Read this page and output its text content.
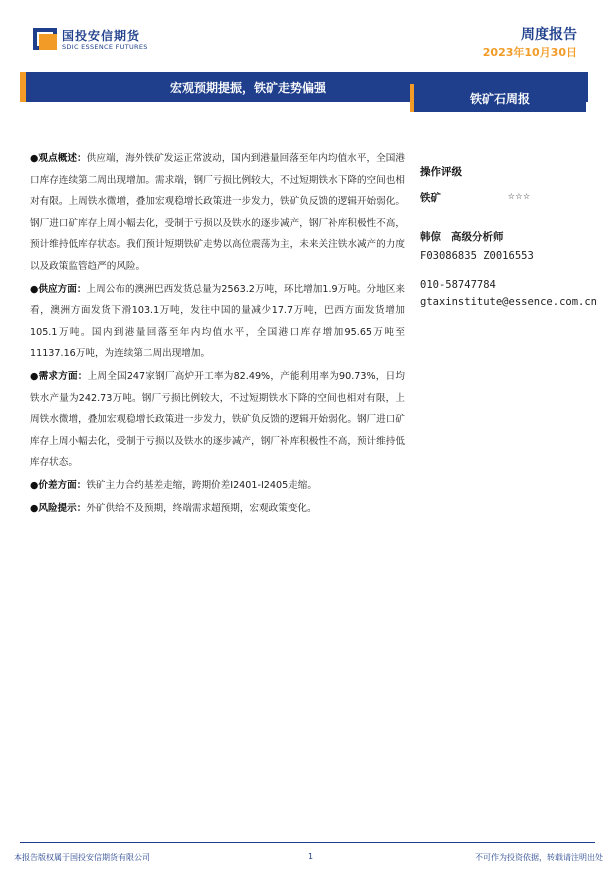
国投安信期货
SDIC ESSENCE FUTURES
周度报告
2023年10月30日
宏观预期提振，铁矿走势偏强
铁矿石周报
●观点概述：供应端，海外铁矿发运正常波动，国内到港量回落至年内均值水平，全国港口库存连续第二周出现增加。需求端，钢厂亏损比例较大，不过短期铁水下降的空间也相对有限。上周铁水微增，叠加宏观稳增长政策进一步发力，铁矿负反馈的逻辑开始弱化。钢厂进口矿库存上周小幅去化，受制于亏损以及铁水的逐步减产，钢厂补库积极性不高，预计维持低库存状态。我们预计短期铁矿走势以高位震荡为主，未来关注铁水减产的力度以及政策监管趋严的风险。
●供应方面：上周公布的澳洲巴西发货总量为2563.2万吨，环比增加1.9万吨。分地区来看，澳洲方面发货下滑103.1万吨，发往中国的量减少17.7万吨，巴西方面发货增加105.1万吨。国内到港量回落至年内均值水平，全国港口库存增加95.65万吨至11137.16万吨，为连续第二周出现增加。
●需求方面：上周全国247家钢厂高炉开工率为82.49%，产能利用率为90.73%，日均铁水产量为242.73万吨。钢厂亏损比例较大，不过短期铁水下降的空间也相对有限，上周铁水微增，叠加宏观稳增长政策进一步发力，铁矿负反馈的逻辑开始弱化。钢厂进口矿库存上周小幅去化，受制于亏损以及铁水的逐步减产，钢厂补库积极性不高，预计维持低库存状态。
●价差方面：铁矿主力合约基差走缩，跨期价差I2401-I2405走缩。
●风险提示：外矿供给不及预期，终端需求超预期，宏观政策变化。
操作评级
铁矿	☆☆☆
韩倞 高级分析师
F03086835 Z0016553
010-58747784
gtaxinstitute@essence.com.cn
本报告版权属于国投安信期货有限公司	1	不可作为投资依据，转载请注明出处
